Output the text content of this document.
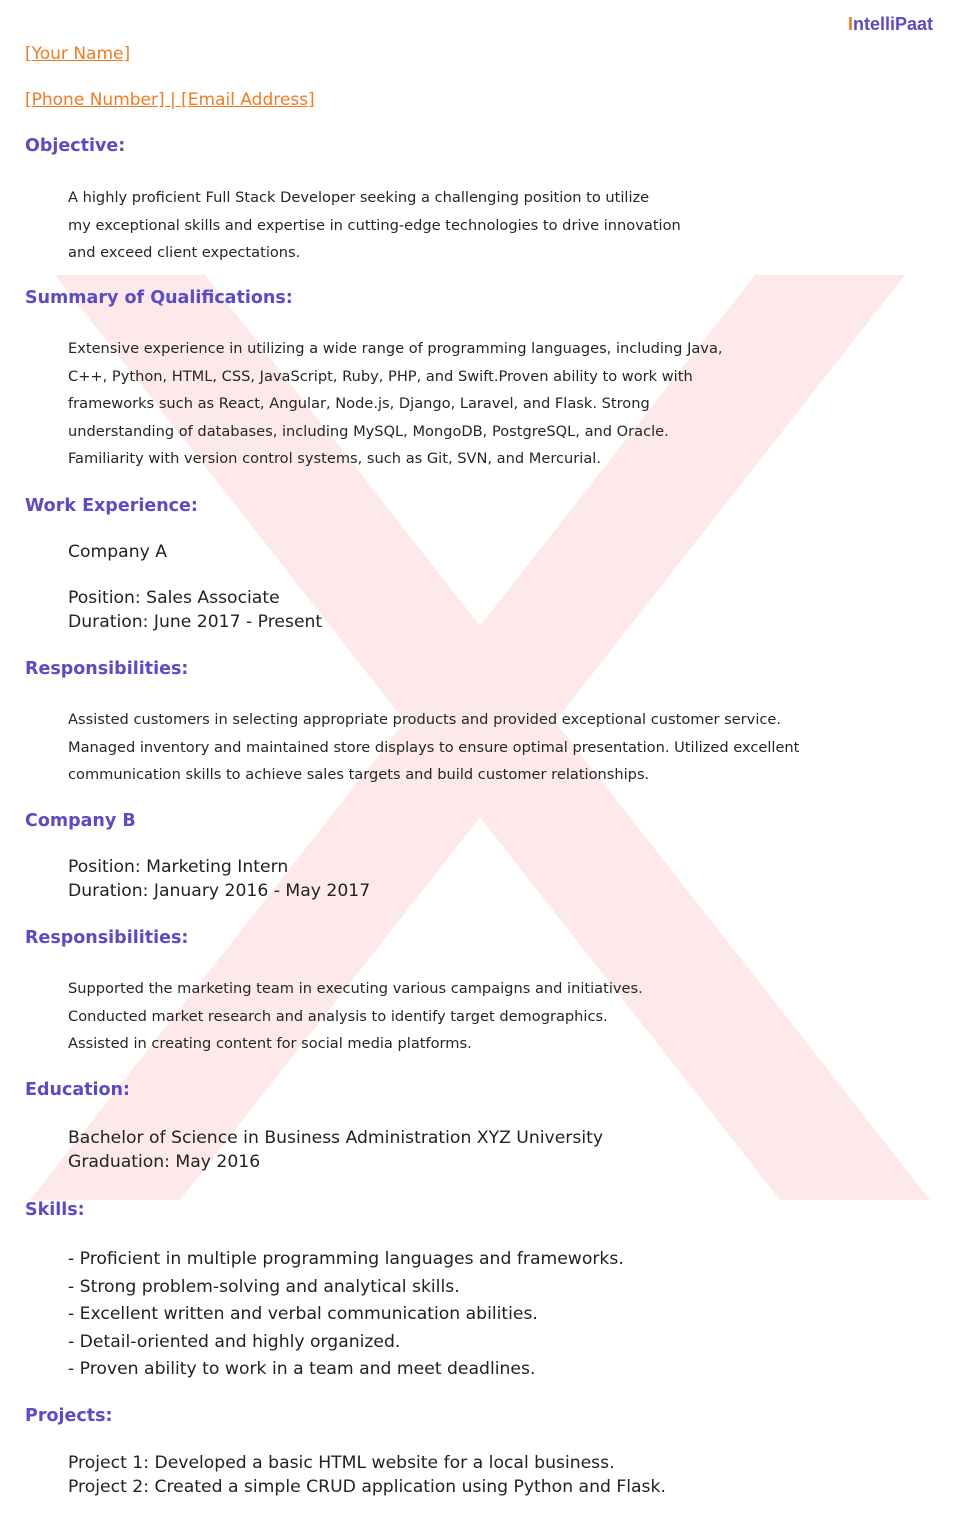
IntelliPaat
[Your Name]
[Phone Number] | [Email Address]
Objective:
A highly proficient Full Stack Developer seeking a challenging position to utilize
my exceptional skills and expertise in cutting-edge technologies to drive innovation
and exceed client expectations.
Summary of Qualifications:
Extensive experience in utilizing a wide range of programming languages, including Java,
C++, Python, HTML, CSS, JavaScript, Ruby, PHP, and Swift.Proven ability to work with
frameworks such as React, Angular, Node.js, Django, Laravel, and Flask. Strong
understanding of databases, including MySQL, MongoDB, PostgreSQL, and Oracle.
Familiarity with version control systems, such as Git, SVN, and Mercurial.
Work Experience:
Company A
Position: Sales Associate
Duration: June 2017 - Present
Responsibilities:
Assisted customers in selecting appropriate products and provided exceptional customer service.
Managed inventory and maintained store displays to ensure optimal presentation. Utilized excellent
communication skills to achieve sales targets and build customer relationships.
Company B
Position: Marketing Intern
Duration: January 2016 - May 2017
Responsibilities:
Supported the marketing team in executing various campaigns and initiatives.
Conducted market research and analysis to identify target demographics.
Assisted in creating content for social media platforms.
Education:
Bachelor of Science in Business Administration XYZ University
Graduation: May 2016
Skills:
- Proficient in multiple programming languages and frameworks.
- Strong problem-solving and analytical skills.
- Excellent written and verbal communication abilities.
- Detail-oriented and highly organized.
- Proven ability to work in a team and meet deadlines.
Projects:
Project 1: Developed a basic HTML website for a local business.
Project 2: Created a simple CRUD application using Python and Flask.
